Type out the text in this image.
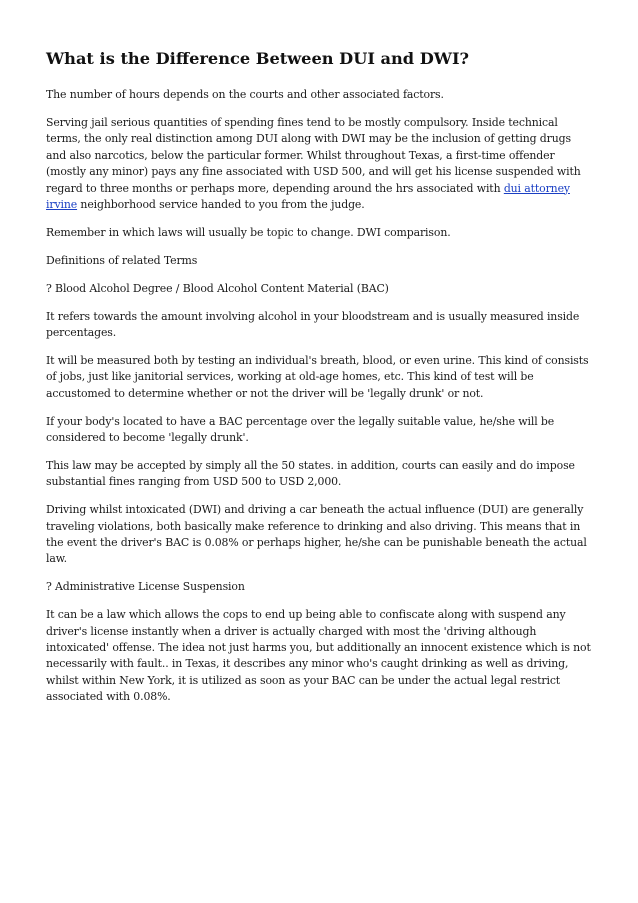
What is the Difference Between DUI and DWI?

The number of hours depends on the courts and other associated factors.

Serving jail serious quantities of spending fines tend to be mostly compulsory. Inside technical terms, the only real distinction among DUI along with DWI may be the inclusion of getting drugs and also narcotics, below the particular former. Whilst throughout Texas, a first-time offender (mostly any minor) pays any fine associated with USD 500, and will get his license suspended with regard to three months or perhaps more, depending around the hrs associated with dui attorney irvine neighborhood service handed to you from the judge.

Remember in which laws will usually be topic to change. DWI comparison.

Definitions of related Terms

? Blood Alcohol Degree / Blood Alcohol Content Material (BAC)

It refers towards the amount involving alcohol in your bloodstream and is usually measured inside percentages.

It will be measured both by testing an individual's breath, blood, or even urine. This kind of consists of jobs, just like janitorial services, working at old-age homes, etc. This kind of test will be accustomed to determine whether or not the driver will be 'legally drunk' or not.

If your body's located to have a BAC percentage over the legally suitable value, he/she will be considered to become 'legally drunk'.

This law may be accepted by simply all the 50 states. in addition, courts can easily and do impose substantial fines ranging from USD 500 to USD 2,000.

Driving whilst intoxicated (DWI) and driving a car beneath the actual influence (DUI) are generally traveling violations, both basically make reference to drinking and also driving. This means that in the event the driver's BAC is 0.08% or perhaps higher, he/she can be punishable beneath the actual law.

? Administrative License Suspension

It can be a law which allows the cops to end up being able to confiscate along with suspend any driver's license instantly when a driver is actually charged with most the 'driving although intoxicated' offense. The idea not just harms you, but additionally an innocent existence which is not necessarily with fault.. in Texas, it describes any minor who's caught drinking as well as driving, whilst within New York, it is utilized as soon as your BAC can be under the actual legal restrict associated with 0.08%.
